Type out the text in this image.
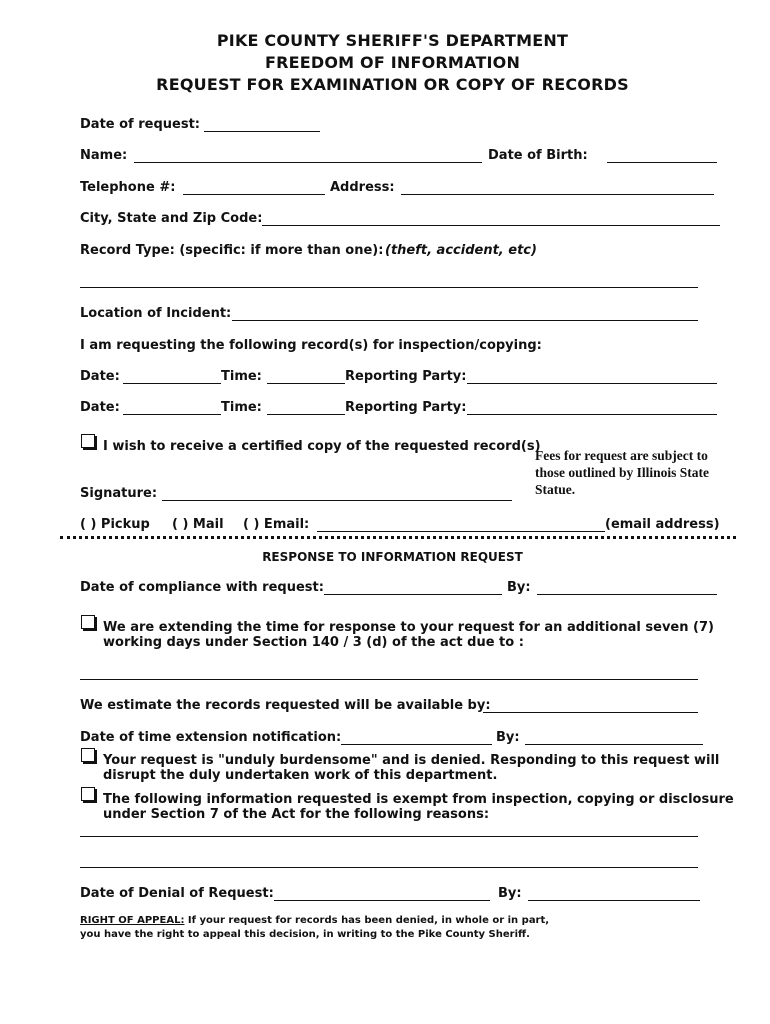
PIKE COUNTY SHERIFF'S DEPARTMENT
FREEDOM OF INFORMATION
REQUEST FOR EXAMINATION OR COPY OF RECORDS
Date of request:
Name:	Date of Birth:
Telephone #:	Address:
City, State and Zip Code:
Record Type: (specific: if more than one): (theft, accident, etc)
Location of Incident:
I am requesting the following record(s) for inspection/copying:
Date:	Time:	Reporting Party:
Date:	Time:	Reporting Party:
I wish to receive a certified copy of the requested record(s)
Fees for request are subject to those outlined by Illinois State Statue.
Signature:
( ) Pickup ( ) Mail ( ) Email:	(email address)
RESPONSE TO INFORMATION REQUEST
Date of compliance with request:	By:
We are extending the time for response to your request for an additional seven (7)
working days under Section 140 / 3 (d) of the act due to :
We estimate the records requested will be available by:
Date of time extension notification:	By:
Your request is "unduly burdensome" and is denied. Responding to this request will
disrupt the duly undertaken work of this department.
The following information requested is exempt from inspection, copying or disclosure
under Section 7 of the Act for the following reasons:
Date of Denial of Request:	By:
RIGHT OF APPEAL: If your request for records has been denied, in whole or in part,
you have the right to appeal this decision, in writing to the Pike County Sheriff.
